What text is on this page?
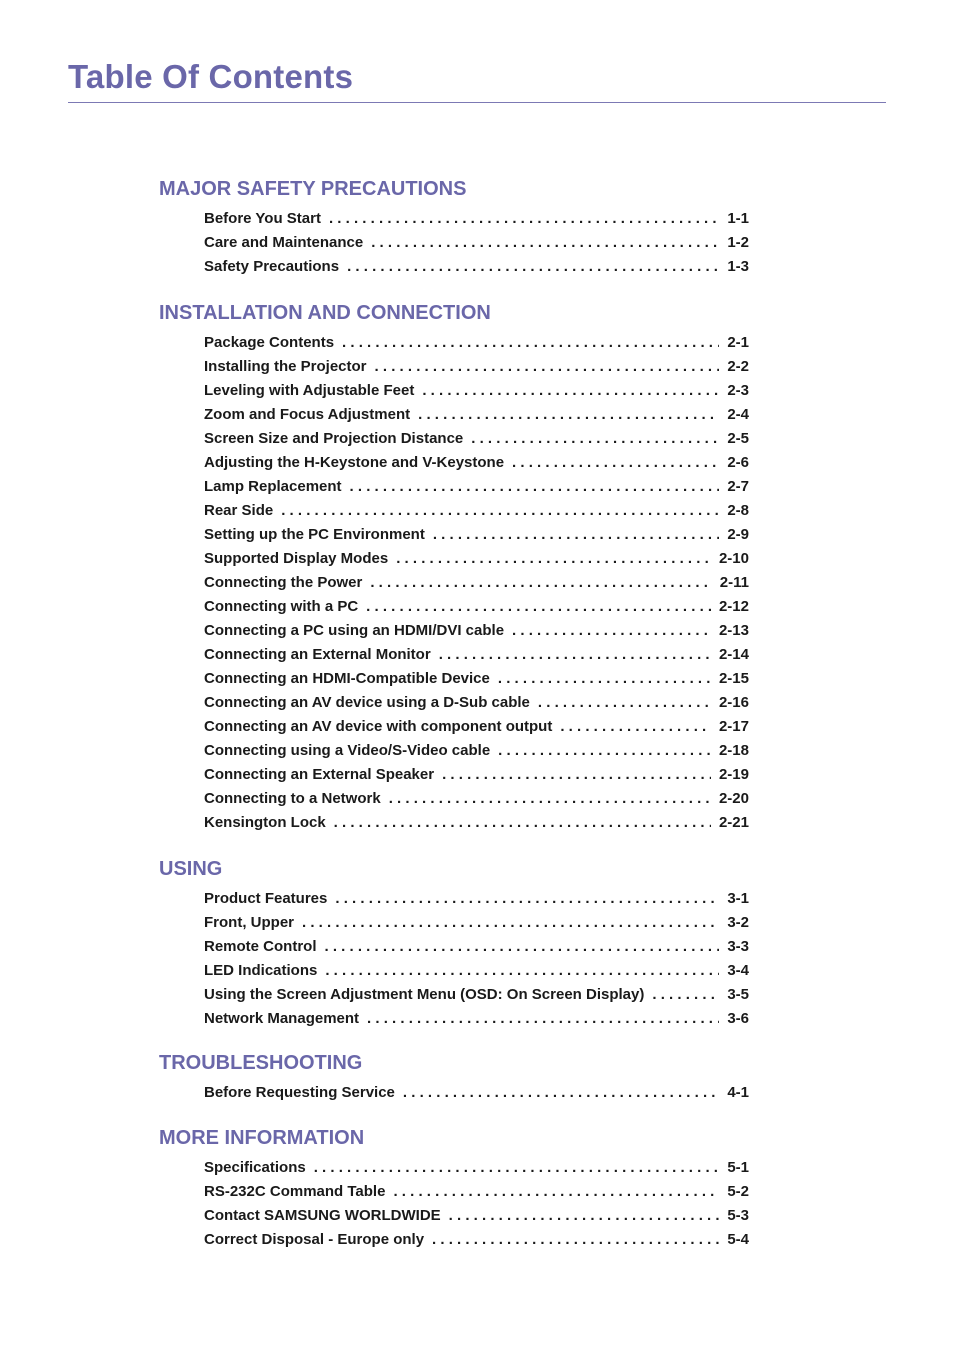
Table Of Contents
MAJOR SAFETY PRECAUTIONS
Before You Start . . .	1-1
Care and Maintenance . . .	1-2
Safety Precautions . . .	1-3
INSTALLATION AND CONNECTION
Package Contents . . .	2-1
Installing the Projector . . .	2-2
Leveling with Adjustable Feet . . .	2-3
Zoom and Focus Adjustment . . .	2-4
Screen Size and Projection Distance . . .	2-5
Adjusting the H-Keystone and V-Keystone . . .	2-6
Lamp Replacement . . .	2-7
Rear Side . . .	2-8
Setting up the PC Environment . . .	2-9
Supported Display Modes . . .	2-10
Connecting the Power . . .	2-11
Connecting with a PC . . .	2-12
Connecting a PC using an HDMI/DVI cable . . .	2-13
Connecting an External Monitor . . .	2-14
Connecting an HDMI-Compatible Device . . .	2-15
Connecting an AV device using a D-Sub cable . . .	2-16
Connecting an AV device with component output . . .	2-17
Connecting using a Video/S-Video cable . . .	2-18
Connecting an External Speaker . . .	2-19
Connecting to a Network . . .	2-20
Kensington Lock . . .	2-21
USING
Product Features . . .	3-1
Front, Upper . . .	3-2
Remote Control . . .	3-3
LED Indications . . .	3-4
Using the Screen Adjustment Menu (OSD: On Screen Display) . . .	3-5
Network Management . . .	3-6
TROUBLESHOOTING
Before Requesting Service . . .	4-1
MORE INFORMATION
Specifications . . .	5-1
RS-232C Command Table . . .	5-2
Contact SAMSUNG WORLDWIDE . . .	5-3
Correct Disposal - Europe only . . .	5-4
